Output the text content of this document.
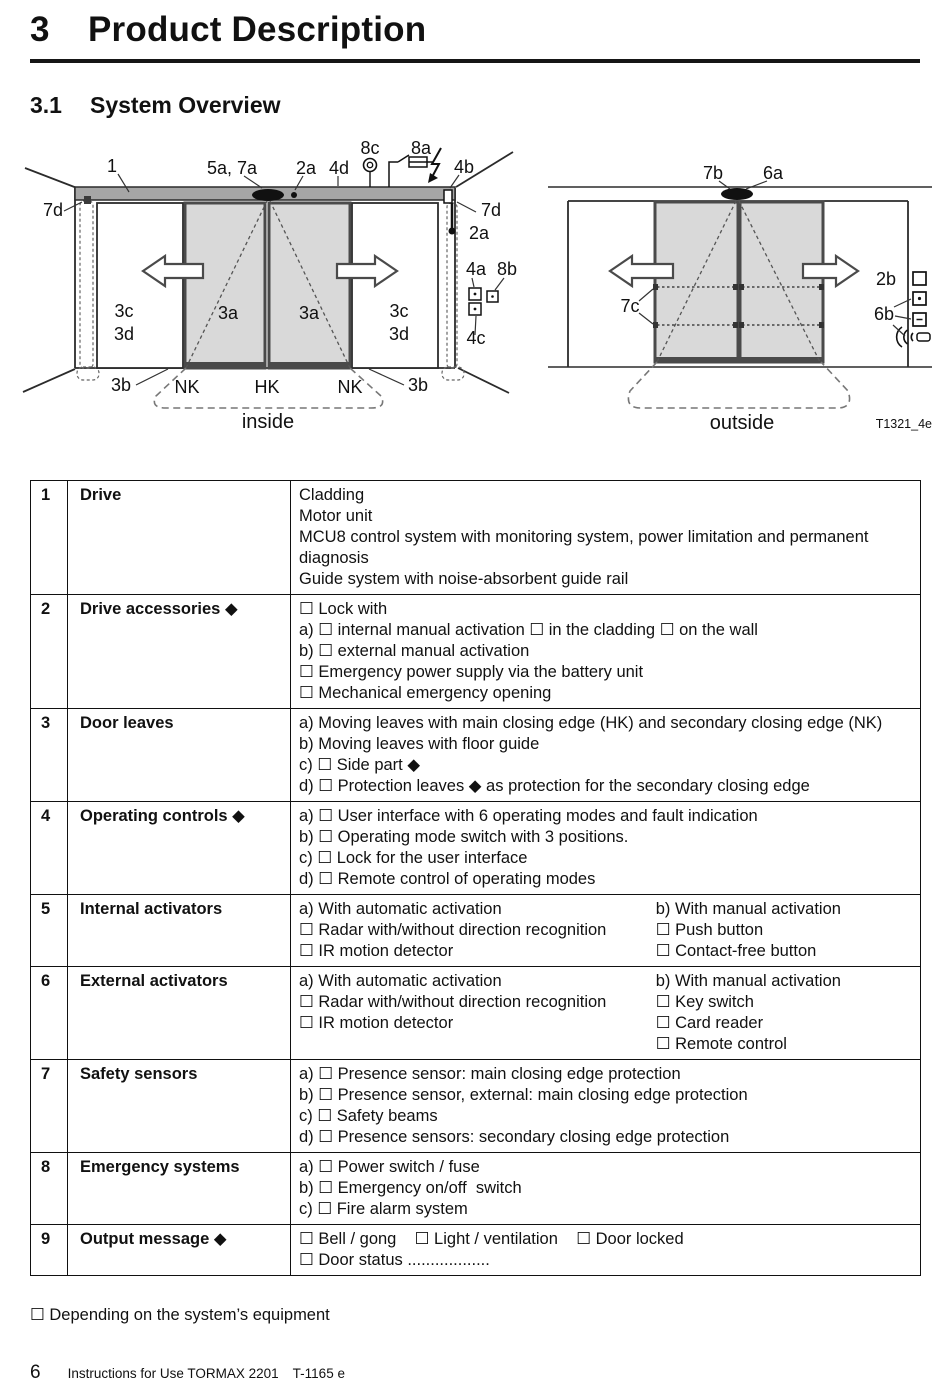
3 Product Description
3.1 System Overview
1	5a, 7a 2a 4d
8c 8a
4b
7d	7d
2a
4a 8b
4c
3c
3d
3a	3a	3c
3d
3b NK	HK	NK	3b
inside
7b 6a
7c
2b
6b
outside	T1321_4e
1	Drive	Cladding
Motor unit
MCU8 control system with monitoring system, power limitation and permanent diagnosis
Guide system with noise-absorbent guide rail

2	Drive accessories ◆	☐ Lock with
a) ☐ internal manual activation ☐ in the cladding ☐ on the wall
b) ☐ external manual activation
☐ Emergency power supply via the battery unit
☐ Mechanical emergency opening

3	Door leaves	a) Moving leaves with main closing edge (HK) and secondary closing edge (NK)
b) Moving leaves with floor guide
c) ☐ Side part ◆
d) ☐ Protection leaves ◆ as protection for the secondary closing edge

4	Operating controls ◆	a) ☐ User interface with 6 operating modes and fault indication
b) ☐ Operating mode switch with 3 positions.
c) ☐ Lock for the user interface
d) ☐ Remote control of operating modes

5	Internal activators	a) With automatic activation
☐ Radar with/without direction recognition
☐ IR motion detector
b) With manual activation
☐ Push button
☐ Contact-free button

6	External activators	a) With automatic activation
☐ Radar with/without direction recognition
☐ IR motion detector
b) With manual activation
☐ Key switch
☐ Card reader
☐ Remote control

7	Safety sensors	a) ☐ Presence sensor: main closing edge protection
b) ☐ Presence sensor, external: main closing edge protection
c) ☐ Safety beams
d) ☐ Presence sensors: secondary closing edge protection

8	Emergency systems	a) ☐ Power switch / fuse
b) ☐ Emergency on/off  switch
c) ☐ Fire alarm system

9	Output message ◆	☐ Bell / gong    ☐ Light / ventilation    ☐ Door locked
☐ Door status ..................
☐ Depending on the system’s equipment
6 Instructions for Use TORMAX 2201 T-1165 e
